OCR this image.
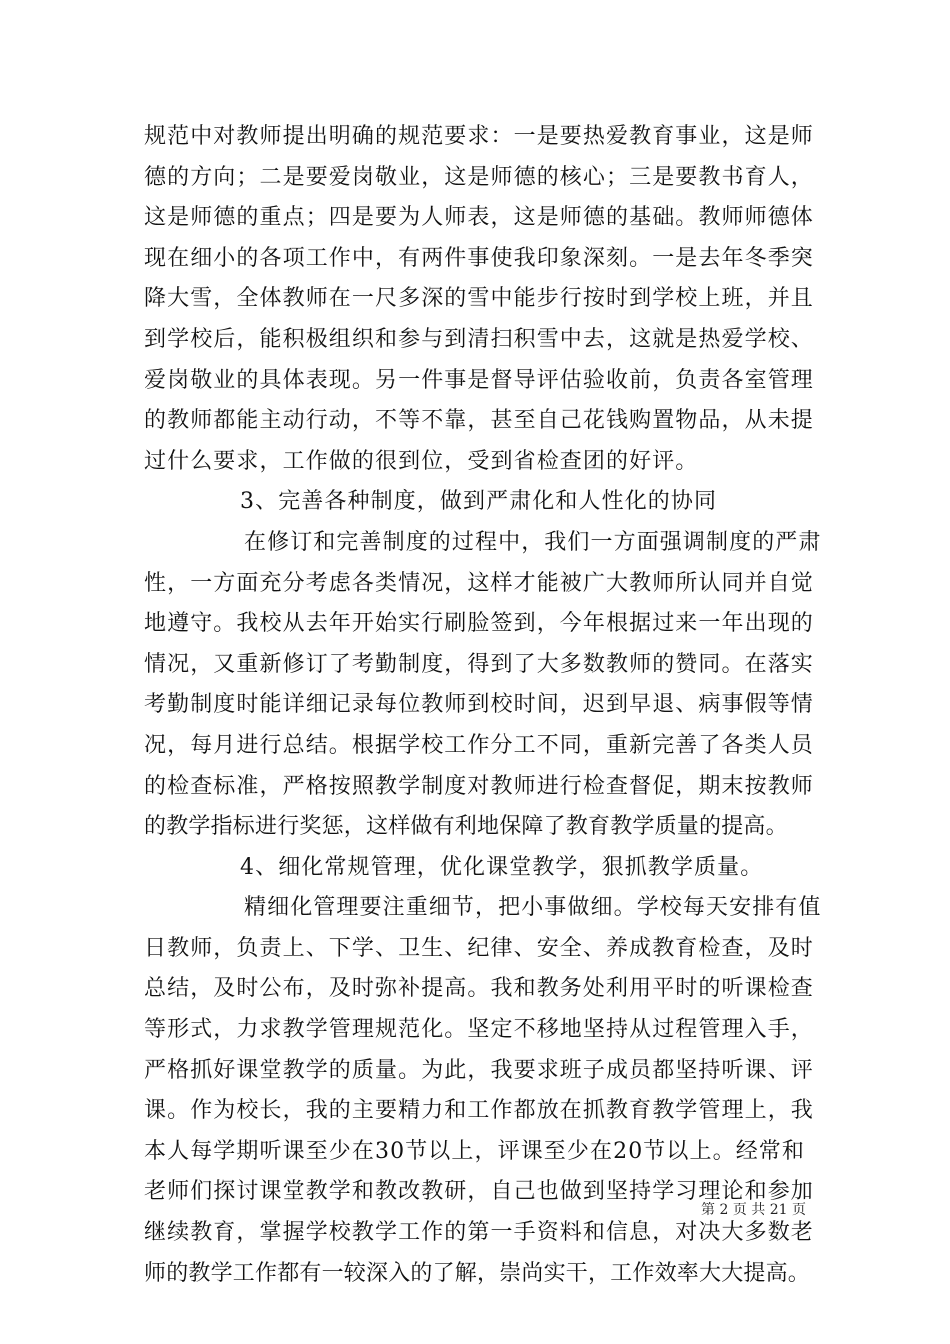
规范中对教师提出明确的规范要求：一是要热爱教育事业，这是师
德的方向；二是要爱岗敬业，这是师德的核心；三是要教书育人，
这是师德的重点；四是要为人师表，这是师德的基础。教师师德体
现在细小的各项工作中，有两件事使我印象深刻。一是去年冬季突
降大雪，全体教师在一尺多深的雪中能步行按时到学校上班，并且
到学校后，能积极组织和参与到清扫积雪中去，这就是热爱学校、
爱岗敬业的具体表现。另一件事是督导评估验收前，负责各室管理
的教师都能主动行动，不等不靠，甚至自己花钱购置物品，从未提
过什么要求，工作做的很到位，受到省检查团的好评。
3、完善各种制度，做到严肃化和人性化的协同
在修订和完善制度的过程中，我们一方面强调制度的严肃
性，一方面充分考虑各类情况，这样才能被广大教师所认同并自觉
地遵守。我校从去年开始实行刷脸签到，今年根据过来一年出现的
情况，又重新修订了考勤制度，得到了大多数教师的赞同。在落实
考勤制度时能详细记录每位教师到校时间，迟到早退、病事假等情
况，每月进行总结。根据学校工作分工不同，重新完善了各类人员
的检查标准，严格按照教学制度对教师进行检查督促，期末按教师
的教学指标进行奖惩，这样做有利地保障了教育教学质量的提高。
4、细化常规管理，优化课堂教学，狠抓教学质量。
精细化管理要注重细节，把小事做细。学校每天安排有值
日教师，负责上、下学、卫生、纪律、安全、养成教育检查，及时
总结，及时公布，及时弥补提高。我和教务处利用平时的听课检查
等形式，力求教学管理规范化。坚定不移地坚持从过程管理入手，
严格抓好课堂教学的质量。为此，我要求班子成员都坚持听课、评
课。作为校长，我的主要精力和工作都放在抓教育教学管理上，我
本人每学期听课至少在30节以上，评课至少在20节以上。经常和
老师们探讨课堂教学和教改教研，自己也做到坚持学习理论和参加
继续教育，掌握学校教学工作的第一手资料和信息，对决大多数老
师的教学工作都有一较深入的了解，崇尚实干，工作效率大大提高。
第 2 页 共 21 页
